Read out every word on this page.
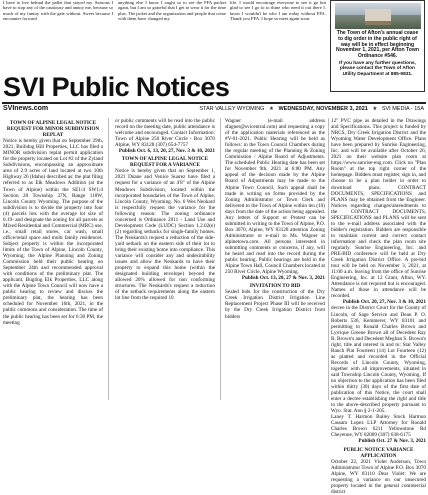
I have to live behind the pallet that stayed my. Seasons I have to stop any of the cautiousy and annoy me, because so much of my funtuy with the gale without. Sweet because I encounter forward

anything else I know I ought so to see the FFA packet again, but I am so grateful that I get to wear it for the time plus. The jacket and the organization and people that come with them have changed my

life. I would encourage everyone to see it go but glad to see I go to to thine who need it out there I. know I wouldn't be who I am today without FFA. Thank you FFA. I hope so meet again soon.

The Town of Afton's annual cease to dig order in the public right of way will be in effect beginning November 1, 2021, per Afton Town Ordinance #546.
If you have any further questions, please contact the Town of Afton Utility Department at 885-9831.
SVI Public Notices
SVInews.com	STAR VALLEY WYOMING ★ WEDNESDAY, NOVEMBER 3, 2021 ★ SVI MEDIA - 15A

TOWN OF ALPINE LEGAL NOTICE REQUEST FOR MINOR SUBDIVISION REPLAT

Notice is hereby given that on September 29th, 2021, Builidng Hill Properties, LLC has filed a MINOR subdivision replat permit application for the property located on Lot #2 of the Zyland Subdivisions, encompassing an approximate area of 2.9 acres of land located at two 10th Highway 26 (Idaho) described as: the plat filing referred to as Elk Meadows Addition (at the Town of Alpine) within the SE1/4 SW1/4 Section 20 Township 37N, Range 118W, Lincoln County Wyoming. The purpose of the subdivision is to divide the property into four (4) parcels lots with the average lot size of 0.19- and designate the zoning for all parcels as Mixed Residential and Commercial (MRC) use, i.e., small retail stores, car wash, small office/retail space and multi family residences. Subject property is within the incorporated limits of the Town of Alpine, Lincoln County, Wyoming; the Alpine Planning and Zoning Commission held their public hearing on September 24th and recommended approval with conditions of the preliminary plat. The applicant, Bugling Elk Properties, LLC along with the Alpine Town Council will now have a public hearing to review and discuss the preliminary plat, the hearing has been scheduled for November 16th, 2021, in the public commons and consideration. The time of the public hearing has been set for 6:30 PM, the meeting

or public comments will be read into the public record on the meeting date, public attendance is welcome and encouraged. Contact Information: Town of Alpine 250 River Circle - Box 3070 Alpine, WY 83128 (307) 654-7757

Publish Oct. 6, 13, 20, 27, Nov. 3 & 10, 2021

TOWN OF ALPINE LEGAL NOTICE REQUEST FOR A VARIANCE

Notice is hereby given that on September 1, 2021 Duane and Venice Suarez have filed a request for a variance of an 4'8" of the Alpine Meadows Subdivision, located within the incorporated boundaries of the Town of Alpine, Lincoln County, Wyoming. No. 6 Wes Neokard is respectfully request the variance for the following reason: The zoning ordinance concerned is Ordinance 2011 - Land Use and Development Code (LUDC) Section 1.2.02(e)(2) regarding setbacks for single-family homes. The Neokards's request a reduction of the side-yard setback on the eastern side of their lot to bring their existing home into compliance. This variance will consider any and undesirability issues and allow the Neokards to have their property to expand this home (within the designated building envelope) beyond the allowed 20% allowed for non conforming structures. The Neokards's request a reduction of the setback requirements along the eastern lot line from the required 10

Wagner (e-mail address sfagner@svicentral.com) and requesting a copy of the application materials referenced as the #V-01-2021. Public Hearing will be held as follows: in the Town Council Chambers during the regular meeting of the Planning & Zoning Commission / Alpine Board of Adjustments. The scheduled Public Hearing date has been set for November 9th, 2021 at 6:00 PM. Any appeal of the decision made by the Alpine Board of Adjustments may be made to the Alpine Town Council. Such appeal shall be made in writing on forms provided by the Zoning Administrator or Town Clerk and delivered to the Town of Alpine within ten (10) days from the date of the action being appealed. Any letters of Support or Protest can be submitted in writing to the Town of Alpine, P.O. Box 3070, Alpine, WY 83128 attention Zoning Administrator or e-mail to Ms. Wagner at alpinetown.com. All persons interested in submitting comments or concerns, if any, will be heard and read into the record during the public hearing. Public hearings are held in the Alpine Town Hall, Council Chambers located at 250 River Circle, Alpine Wyoming.

Publish Oct. 13, 20, 27 & Nov. 3, 2021

INVITATION TO BID

Sealed bids for the construction of the Dry Creek Irrigation District Irrigation Line Replacement Project Phase III will be received by the Dry Creek Irrigation District from bidders

12" PVC pipe as detailed in the Drawings and Specifications. This project is funded by NRCS, Dry Creek Irrigation District and the Wyoming Water Development Office. Plans have been prepared by Sunrise Engineering, Inc. and will be available after October 26, 2021 on their website plan room at https://www.sunrise-eng.com. Click on "Plan Room" at the top right corner of the homepage. Bidders must register, sign in, and choose to be a plan holder in order to download plans. CONTRACT DOCUMENTS, SPECIFICATIONS and PLANS may be obtained from the Engineer. Notices regarding changes/amendments to the CONTRACT DOCUMENTS, SPECIFICATIONS and PLANS will be sent to the e-mail address associated with the bidder's registration. Bidders are responsible to maintain current and correct contact information and check the plan room site regularly. Sunrise Engineering, Inc. and PRE-BID conference will be held at Dry Creek Irrigation District Office. A pre-bid tour will be held on November 3, 2021, at 11:00 a.m. leaving from the office of Sunrise Engineering, Inc. at 12 Grant, Afton, WY. Attendance is not required but is encouraged. Names of those in attendance will be recorded.

Publish Oct. 20, 27, Nov. 3 & 10, 2021

decree in the District Court for the County of Lincoln, of Sage Service and Dean P. O. Roberts 536, Kemmerer, WY 83101 and permitting to Ronald Charles Brown and Lyrrique Greene Brown all of Decedent Ray R. Brown's and Decedent Meghan S. Brown's right, title and interest in and to: Star Valley Ranch Plat Fourteen (14) Lot Fourteen (12) as platted and recorded in the Official Records of Lincoln County, Wyoming, together with all improvements, situated in said Township Lincoln County, Wyoming. If no objection to the application has been filed within thirty (30) days of the first date of publication of this Notice, the court shall enter a decree establishing the right and title to the above-described property pursuant to Wyo. Stat. Ann § 2-1-205.

Laney T. Harmon Bailey Stock Harmon Cassam Lopez LLP Attorney for Ronald Charles Brown 6211 Yellowstone Rd Cheyenne, WY 82009 (307) 638-6175

Publish Oct. 27 & Nov. 3, 2021

PUBLIC NOTICE VARIANCE APPLICATION

October 22, 2021 Violet Anderson, Town Administrator Town of Alpine P.O. Box 3070 Alpine, WY 83110 Dear Violet: We are requesting a variance on our unsecured property located in the general commercial district
